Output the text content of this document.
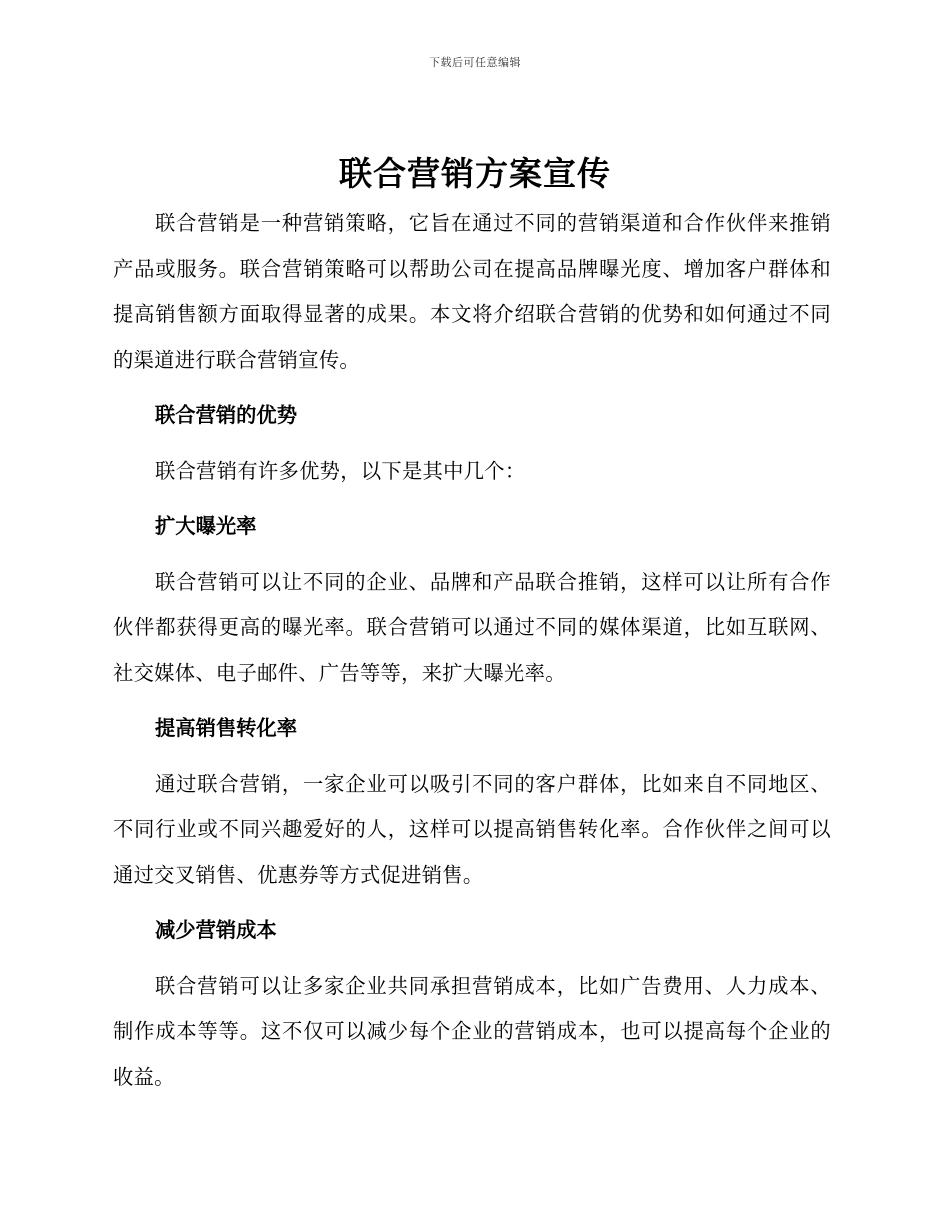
下载后可任意编辑
联合营销方案宣传

联合营销是一种营销策略，它旨在通过不同的营销渠道和合作伙伴来推销产品或服务。联合营销策略可以帮助公司在提高品牌曝光度、增加客户群体和提高销售额方面取得显著的成果。本文将介绍联合营销的优势和如何通过不同的渠道进行联合营销宣传。

联合营销的优势

联合营销有许多优势，以下是其中几个：

扩大曝光率

联合营销可以让不同的企业、品牌和产品联合推销，这样可以让所有合作伙伴都获得更高的曝光率。联合营销可以通过不同的媒体渠道，比如互联网、社交媒体、电子邮件、广告等等，来扩大曝光率。

提高销售转化率

通过联合营销，一家企业可以吸引不同的客户群体，比如来自不同地区、不同行业或不同兴趣爱好的人，这样可以提高销售转化率。合作伙伴之间可以通过交叉销售、优惠券等方式促进销售。

减少营销成本

联合营销可以让多家企业共同承担营销成本，比如广告费用、人力成本、制作成本等等。这不仅可以减少每个企业的营销成本，也可以提高每个企业的收益。
